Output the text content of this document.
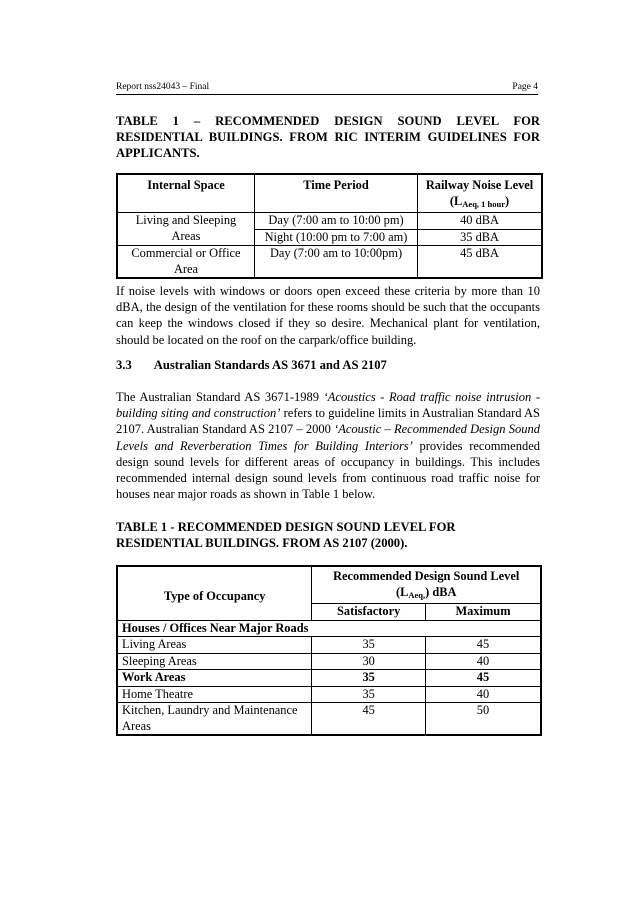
Report nss24043 – Final	Page 4

TABLE 1 – RECOMMENDED DESIGN SOUND LEVEL FOR RESIDENTIAL BUILDINGS. FROM RIC INTERIM GUIDELINES FOR APPLICANTS.

Internal Space	Time Period	Railway Noise Level
$(L_{Aeq, 1 hour})$

Living and Sleeping
Areas	Day (7:00 am to 10:00 pm)	40 dBA
	Night (10:00 pm to 7:00 am)	35 dBA

Commercial or Office
Area	Day (7:00 am to 10:00pm)	45 dBA

If noise levels with windows or doors open exceed these criteria by more than 10 dBA, the design of the ventilation for these rooms should be such that the occupants can keep the windows closed if they so desire. Mechanical plant for ventilation, should be located on the roof on the carpark/office building.

3.3 Australian Standards AS 3671 and AS 2107

The Australian Standard AS 3671-1989 ‘Acoustics - Road traffic noise intrusion - building siting and construction’ refers to guideline limits in Australian Standard AS 2107. Australian Standard AS 2107 – 2000 ‘Acoustic – Recommended Design Sound Levels and Reverberation Times for Building Interiors’ provides recommended design sound levels for different areas of occupancy in buildings. This includes recommended internal design sound levels from continuous road traffic noise for houses near major roads as shown in Table 1 below.

TABLE 1 - RECOMMENDED DESIGN SOUND LEVEL FOR

RESIDENTIAL BUILDINGS. FROM AS 2107 (2000).

Type of Occupancy	Recommended Design Sound Level
$(L_{Aeq,})$ dBA	

	Satisfactory	Maximum
Houses / Offices Near Major Roads		
Living Areas	35	45
Sleeping Areas	30	40
Work Areas	35	45
Home Theatre	35	40

Kitchen, Laundry and Maintenance
Areas	45	50
